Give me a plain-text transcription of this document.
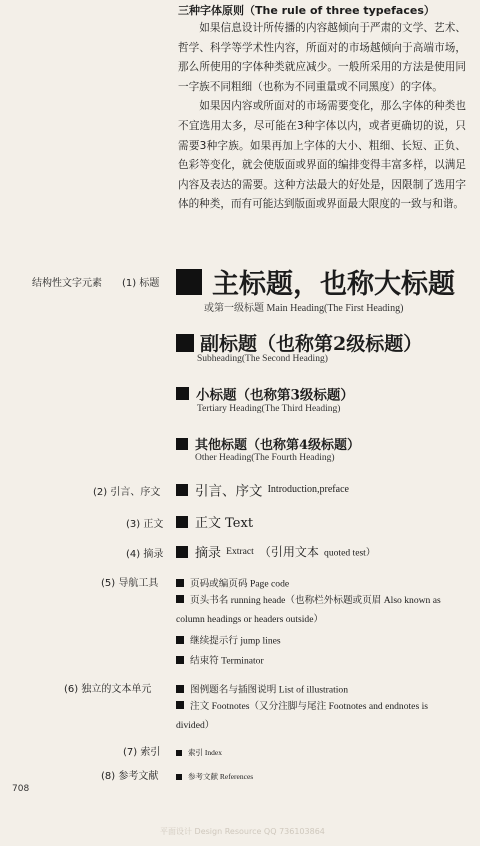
三种字体原则（The rule of three typefaces）

如果信息设计所传播的内容越倾向于严肃的文学、艺术、哲学、科学等学术性内容，所面对的市场越倾向于高端市场，那么所使用的字体种类就应减少。一般所采用的方法是使用同一字族不同粗细（也称为不同重量或不同黑度）的字体。

如果因内容或所面对的市场需要变化，那么字体的种类也不宜选用太多，尽可能在3种字体以内，或者更确切的说，只需要3种字族。如果再加上字体的大小、粗细、长短、正负、色彩等变化，就会使版面或界面的编排变得丰富多样，以满足内容及表达的需要。这种方法最大的好处是，因限制了选用字体的种类，而有可能达到版面或界面最大限度的一致与和谐。

结构性文字元素 (1) 标题
(2) 引言、序文
(3) 正文
(4) 摘录
(5) 导航工具
(6) 独立的文本单元
(7) 索引
(8) 参考文献
主标题，也称大标题
或第一级标题 Main Heading(The First Heading)
副标题（也称第2级标题）
Subheading(The Second Heading)
小标题（也称第3级标题）
Tertiary Heading(The Third Heading)
其他标题（也称第4级标题）
Other Heading(The Fourth Heading)
引言、序文 Introduction,preface
正文 Text
摘录 Extract （引用文本 quoted test）
页码或编页码 Page code
页头书名 running heade（也称栏外标题或页眉 Also known as column headings or headers outside）
继续提示行 jump lines
结束符 Terminator
图例题名与插图说明 List of illustration
注文 Footnotes（又分注脚与尾注 Footnotes and endnotes is divided）
索引 Index
参考文献 References
708
平面设计 Design Resource QQ 736103864
